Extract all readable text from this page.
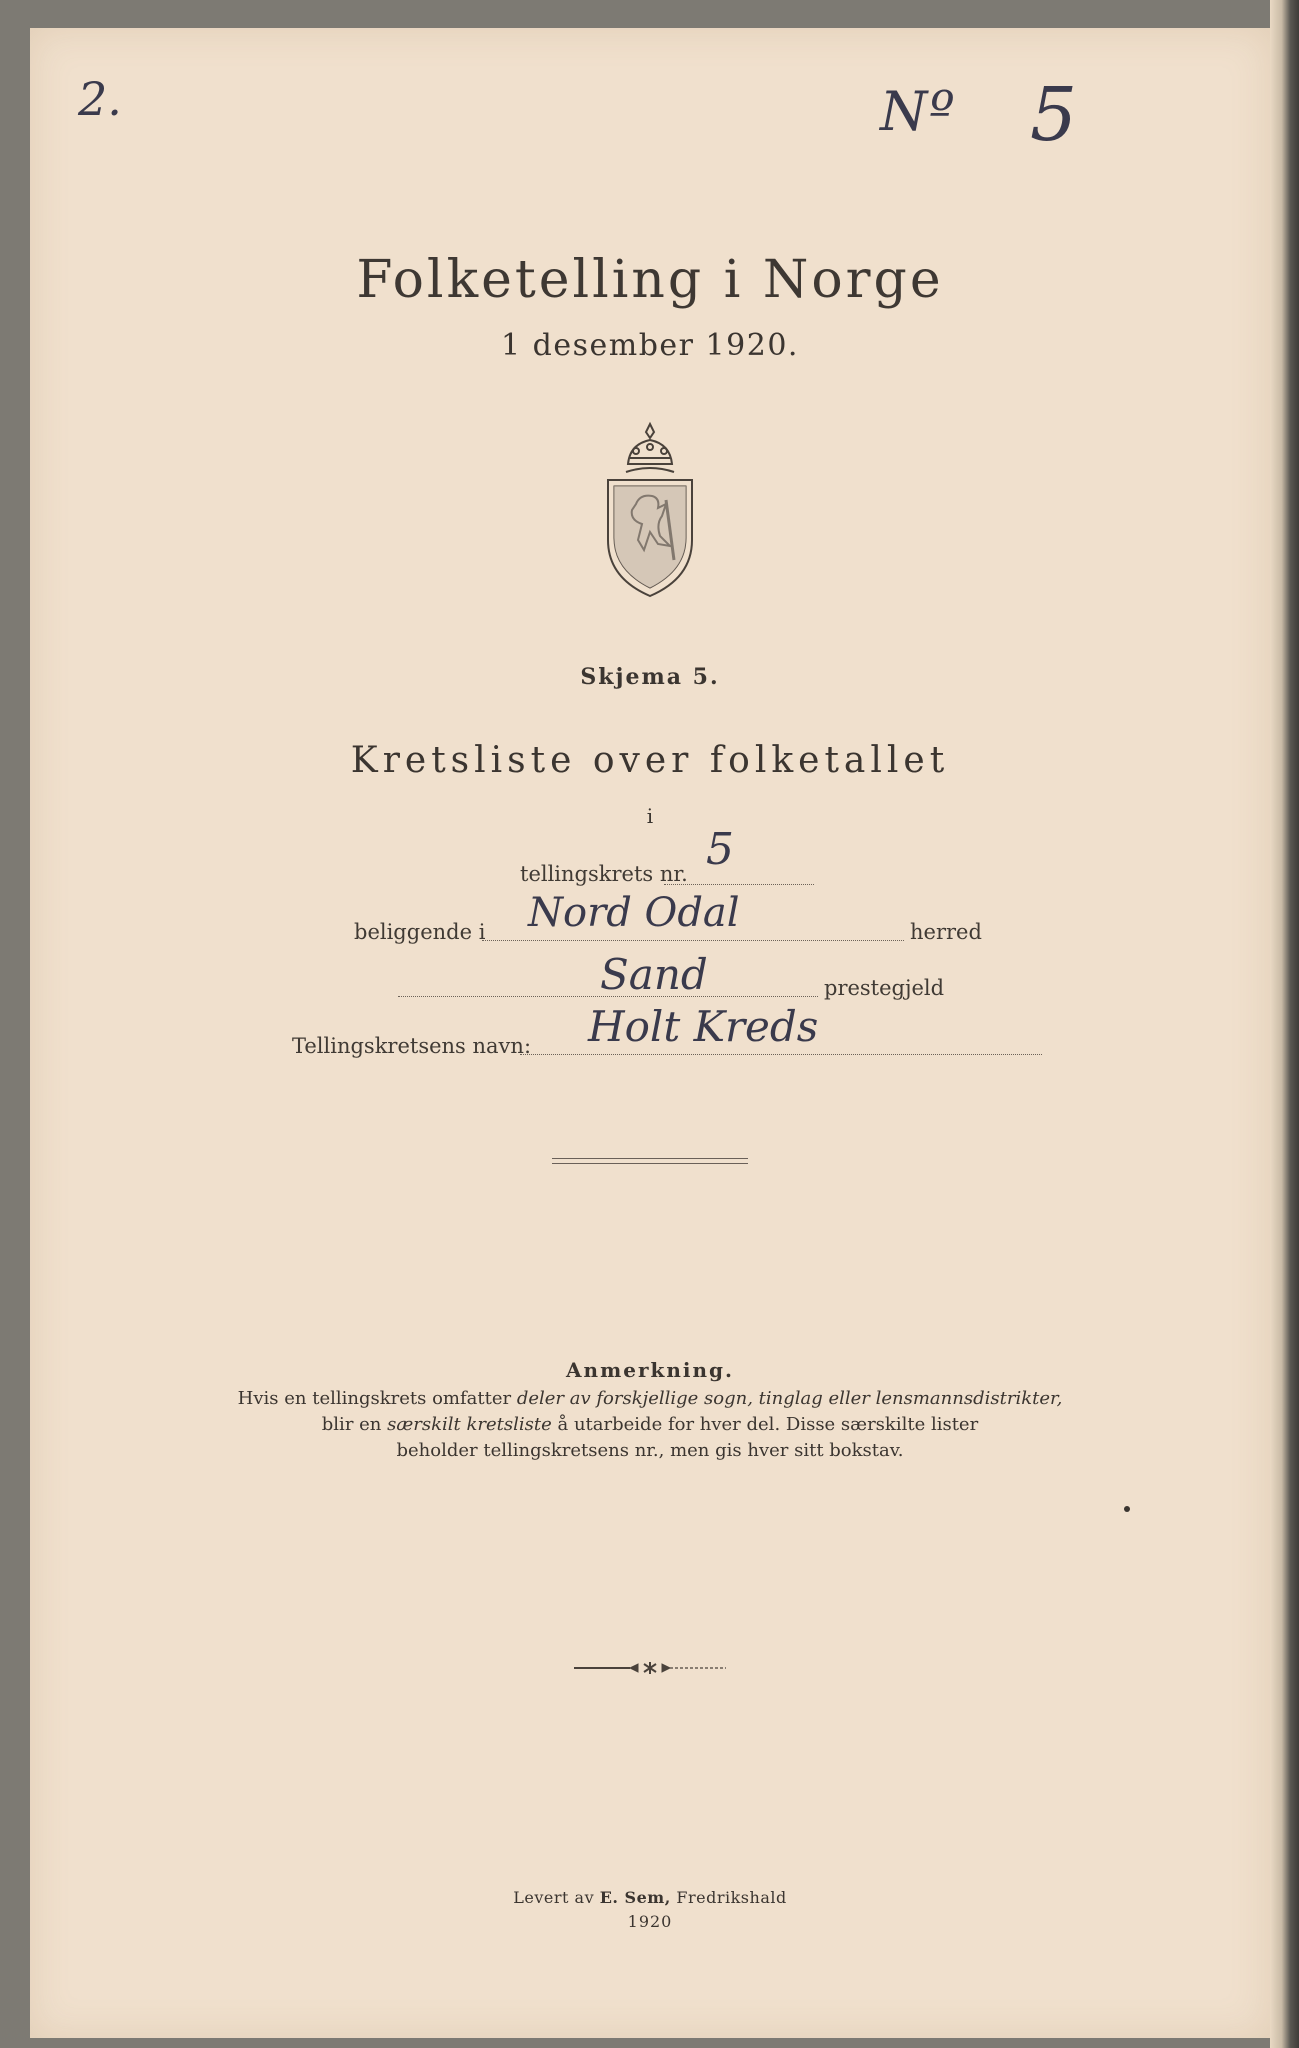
2.	Nº 5
Folketelling i Norge
1 desember 1920.
Skjema 5.
Kretsliste over folketallet
i
tellingskrets nr. 5
beliggende i Nord Odal	herred
Sand	prestegjeld
Tellingskretsens navn: Holt Kreds
Anmerkning.
Hvis en tellingskrets omfatter deler av forskjellige sogn, tinglag eller lensmannsdistrikter,
blir en særskilt kretsliste å utarbeide for hver del. Disse særskilte lister
beholder tellingskretsens nr., men gis hver sitt bokstav.
Levert av E. Sem, Fredrikshald
1920
